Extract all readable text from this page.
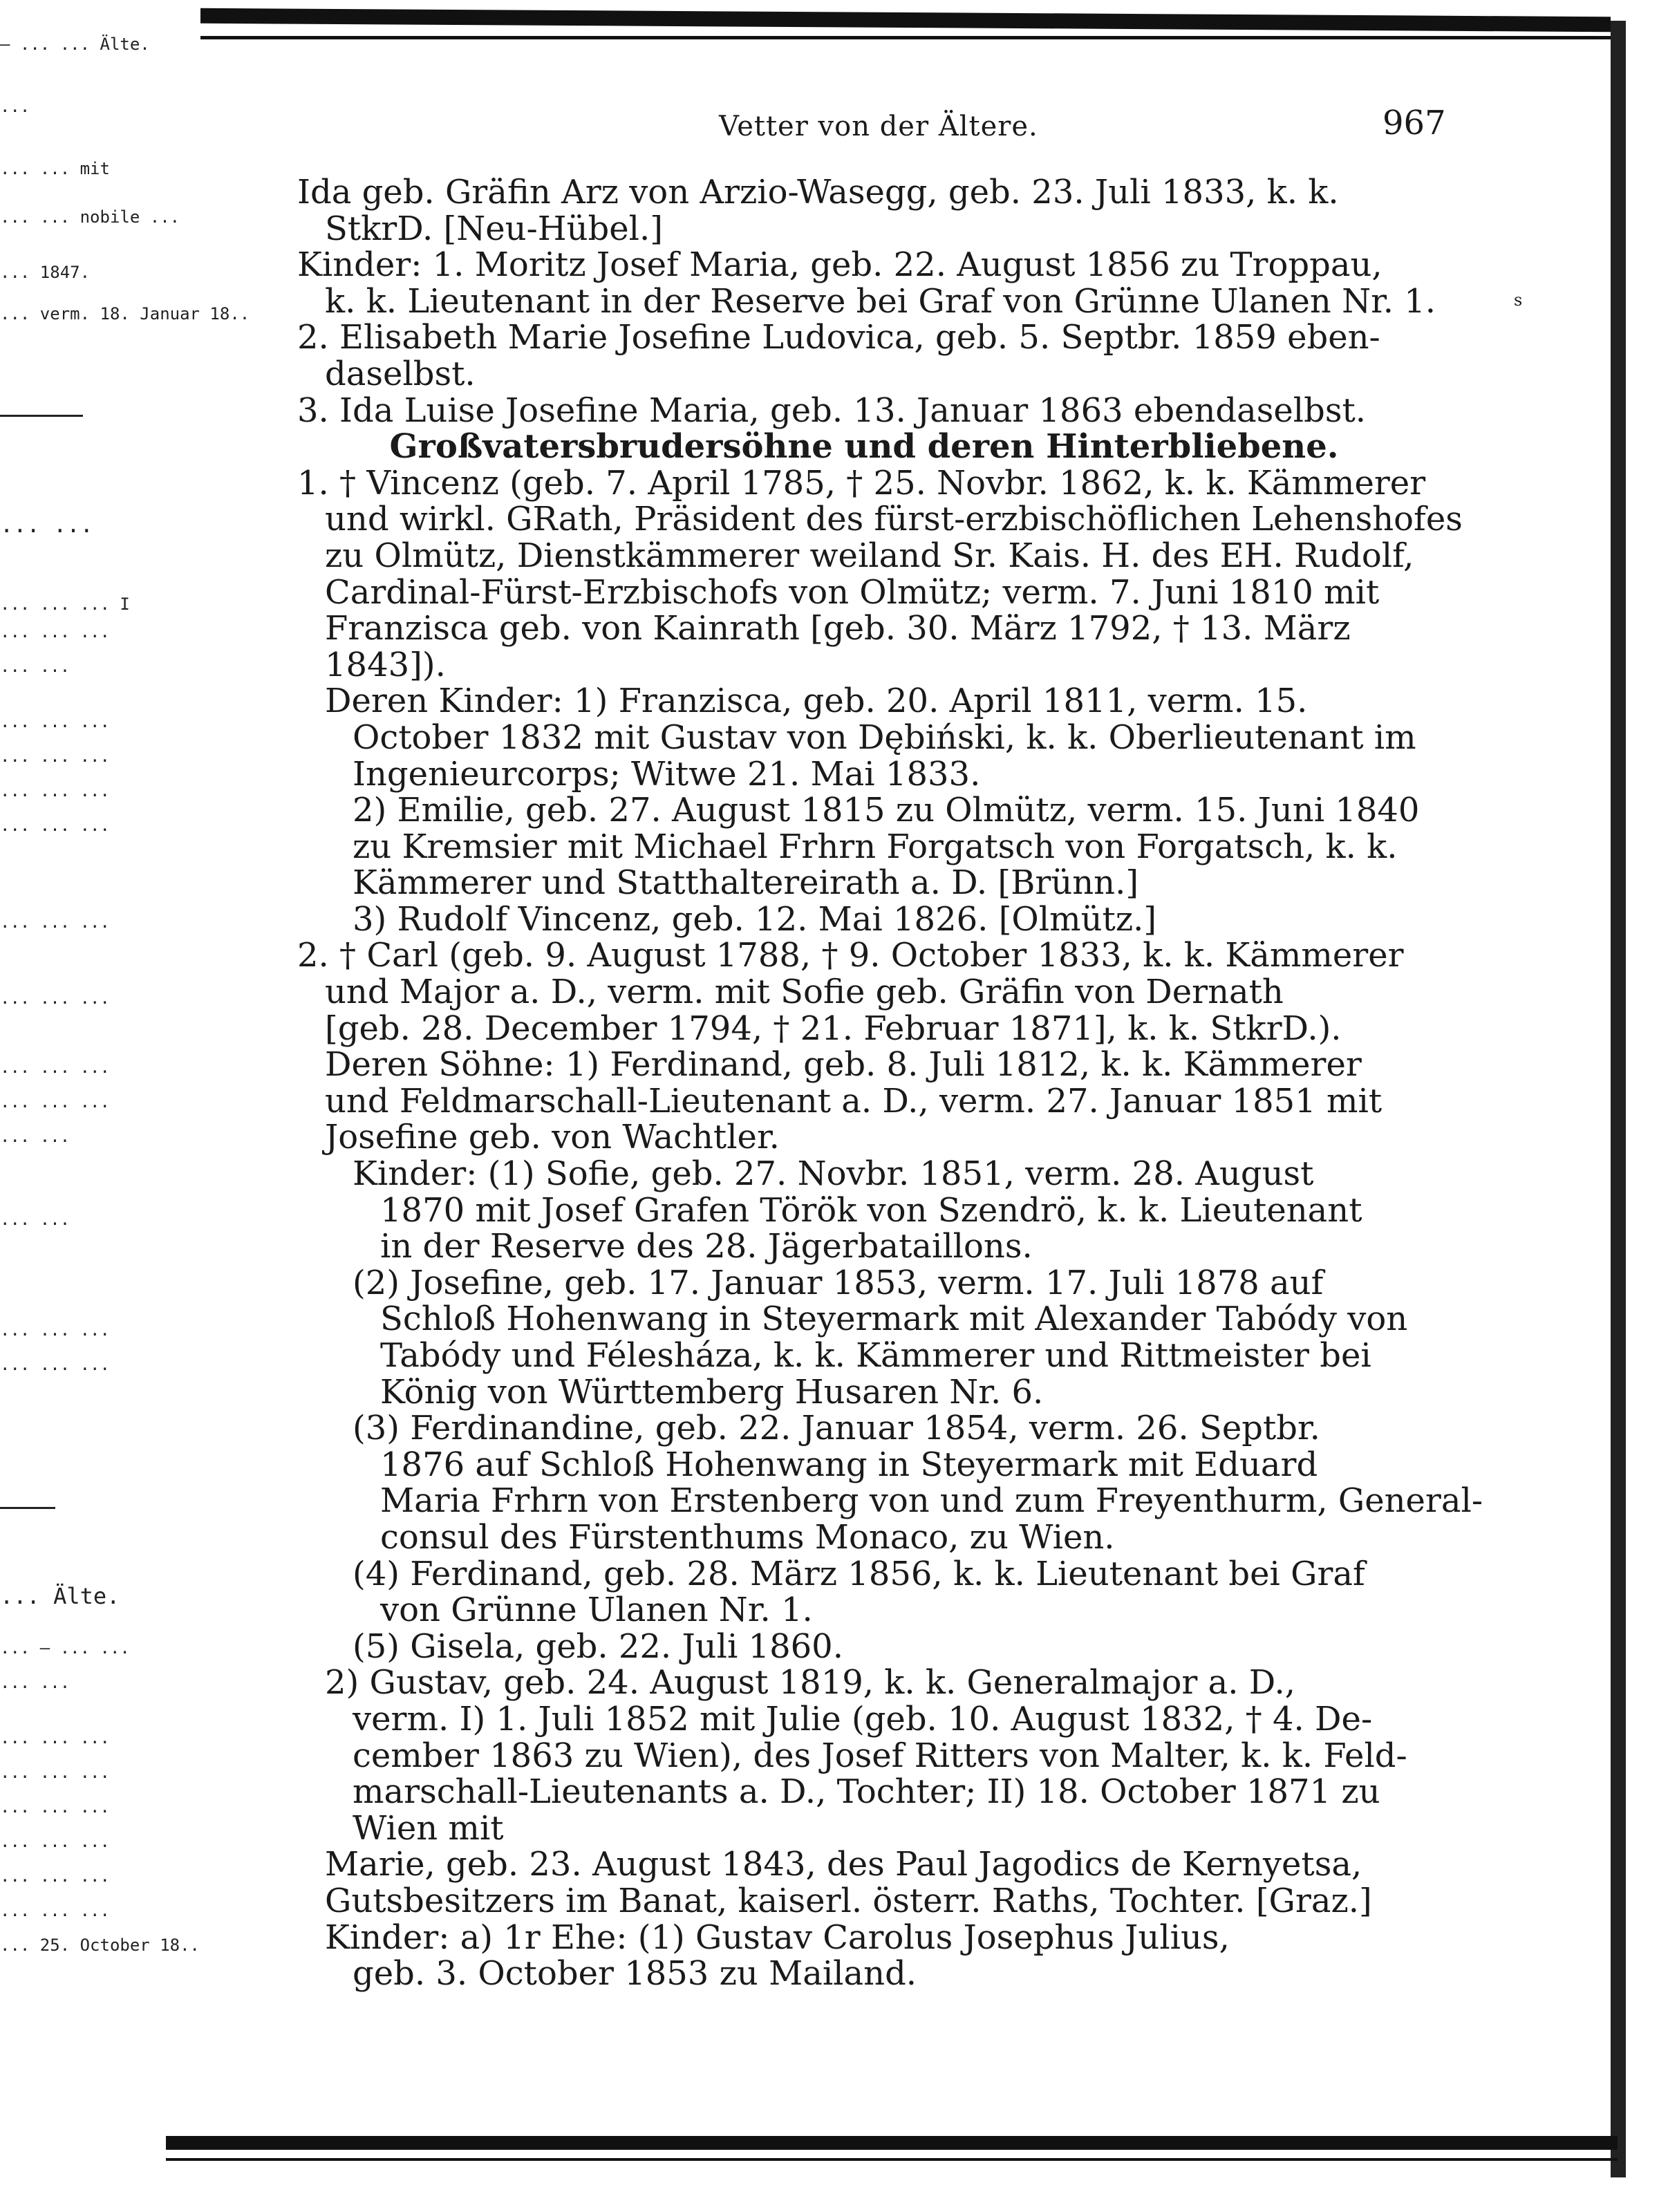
— ... ... Älte.
...
... ... mit
... ... nobile ...
... 1847.
... verm. 18. Januar 18..
... ...
... ... ... I
... ... ...
... ...
... ... ...
... ... ...
... ... ...
... ... ...
... ... ...
... ... ...
... ... ...
... ... ...
... ...
... ...
... ... ...
... ... ...
... Älte.
... — ... ...
... ...
... ... ...
... ... ...
... ... ...
... ... ...
... ... ...
... ... ...
... 25. October 18..
Vetter von der Ältere.	967
s
Ida geb. Gräfin Arz von Arzio-Wasegg, geb. 23. Juli 1833, k. k.
StkrD. [Neu-Hübel.]
Kinder: 1. Moritz Josef Maria, geb. 22. August 1856 zu Troppau,
k. k. Lieutenant in der Reserve bei Graf von Grünne Ulanen Nr. 1.
2. Elisabeth Marie Josefine Ludovica, geb. 5. Septbr. 1859 eben-
daselbst.
3. Ida Luise Josefine Maria, geb. 13. Januar 1863 ebendaselbst.
Großvatersbrudersöhne und deren Hinterbliebene.
1. † Vincenz (geb. 7. April 1785, † 25. Novbr. 1862, k. k. Kämmerer
und wirkl. GRath, Präsident des fürst-erzbischöflichen Lehenshofes
zu Olmütz, Dienstkämmerer weiland Sr. Kais. H. des EH. Rudolf,
Cardinal-Fürst-Erzbischofs von Olmütz; verm. 7. Juni 1810 mit
Franzisca geb. von Kainrath [geb. 30. März 1792, † 13. März
1843]).
Deren Kinder: 1) Franzisca, geb. 20. April 1811, verm. 15.
October 1832 mit Gustav von Dębiński, k. k. Oberlieutenant im
Ingenieurcorps; Witwe 21. Mai 1833.
2) Emilie, geb. 27. August 1815 zu Olmütz, verm. 15. Juni 1840
zu Kremsier mit Michael Frhrn Forgatsch von Forgatsch, k. k.
Kämmerer und Statthaltereirath a. D. [Brünn.]
3) Rudolf Vincenz, geb. 12. Mai 1826. [Olmütz.]
2. † Carl (geb. 9. August 1788, † 9. October 1833, k. k. Kämmerer
und Major a. D., verm. mit Sofie geb. Gräfin von Dernath
[geb. 28. December 1794, † 21. Februar 1871], k. k. StkrD.).
Deren Söhne: 1) Ferdinand, geb. 8. Juli 1812, k. k. Kämmerer
und Feldmarschall-Lieutenant a. D., verm. 27. Januar 1851 mit
Josefine geb. von Wachtler.
Kinder: (1) Sofie, geb. 27. Novbr. 1851, verm. 28. August
1870 mit Josef Grafen Török von Szendrö, k. k. Lieutenant
in der Reserve des 28. Jägerbataillons.
(2) Josefine, geb. 17. Januar 1853, verm. 17. Juli 1878 auf
Schloß Hohenwang in Steyermark mit Alexander Tabódy von
Tabódy und Félesháza, k. k. Kämmerer und Rittmeister bei
König von Württemberg Husaren Nr. 6.
(3) Ferdinandine, geb. 22. Januar 1854, verm. 26. Septbr.
1876 auf Schloß Hohenwang in Steyermark mit Eduard
Maria Frhrn von Erstenberg von und zum Freyenthurm, General-
consul des Fürstenthums Monaco, zu Wien.
(4) Ferdinand, geb. 28. März 1856, k. k. Lieutenant bei Graf
von Grünne Ulanen Nr. 1.
(5) Gisela, geb. 22. Juli 1860.
2) Gustav, geb. 24. August 1819, k. k. Generalmajor a. D.,
verm. I) 1. Juli 1852 mit Julie (geb. 10. August 1832, † 4. De-
cember 1863 zu Wien), des Josef Ritters von Malter, k. k. Feld-
marschall-Lieutenants a. D., Tochter; II) 18. October 1871 zu
Wien mit
Marie, geb. 23. August 1843, des Paul Jagodics de Kernyetsa,
Gutsbesitzers im Banat, kaiserl. österr. Raths, Tochter. [Graz.]
Kinder: a) 1r Ehe: (1) Gustav Carolus Josephus Julius,
geb. 3. October 1853 zu Mailand.
